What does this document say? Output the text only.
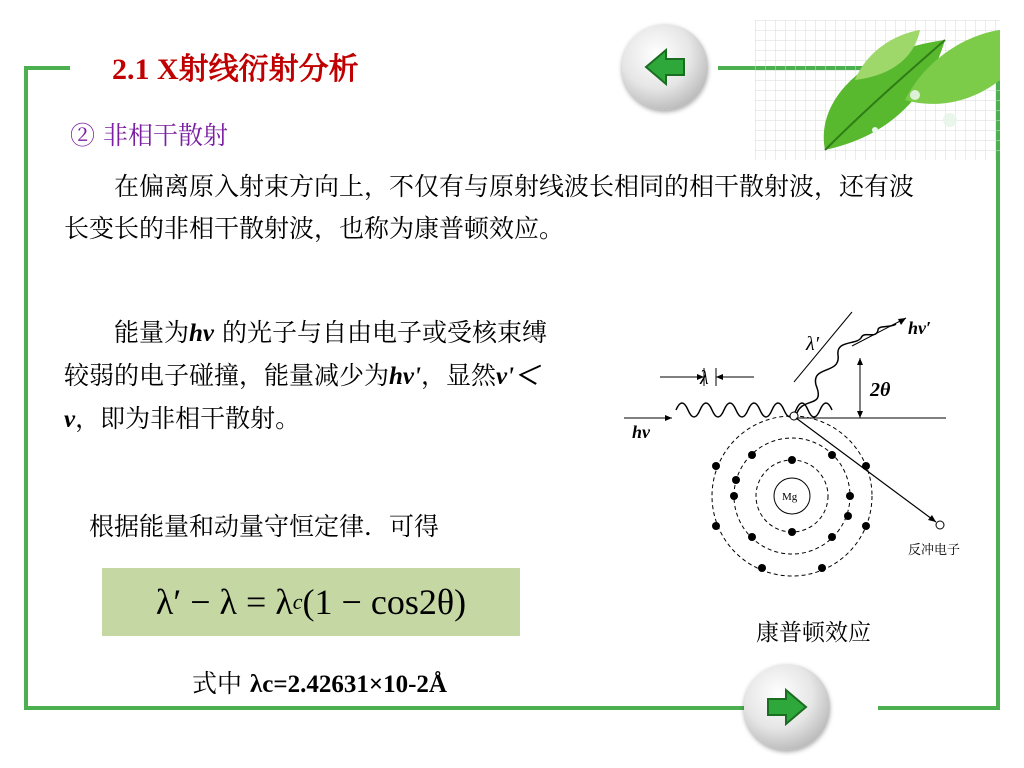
2.1 X射线衍射分析
② 非相干散射
　　在偏离原入射束方向上，不仅有与原射线波长相同的相干散射波，还有波长变长的非相干散射波，也称为康普顿效应。
　　能量为hν 的光子与自由电子或受核束缚较弱的电子碰撞，能量减少为hν'，显然ν'＜ν，即为非相干散射。
　根据能量和动量守恒定律．可得
λ′ − λ = λ c (1 − cos2θ)
式中 λc=2.42631×10-2Å
hν
λ
hν′
λ′
2θ
Mg
反冲电子
康普顿效应
